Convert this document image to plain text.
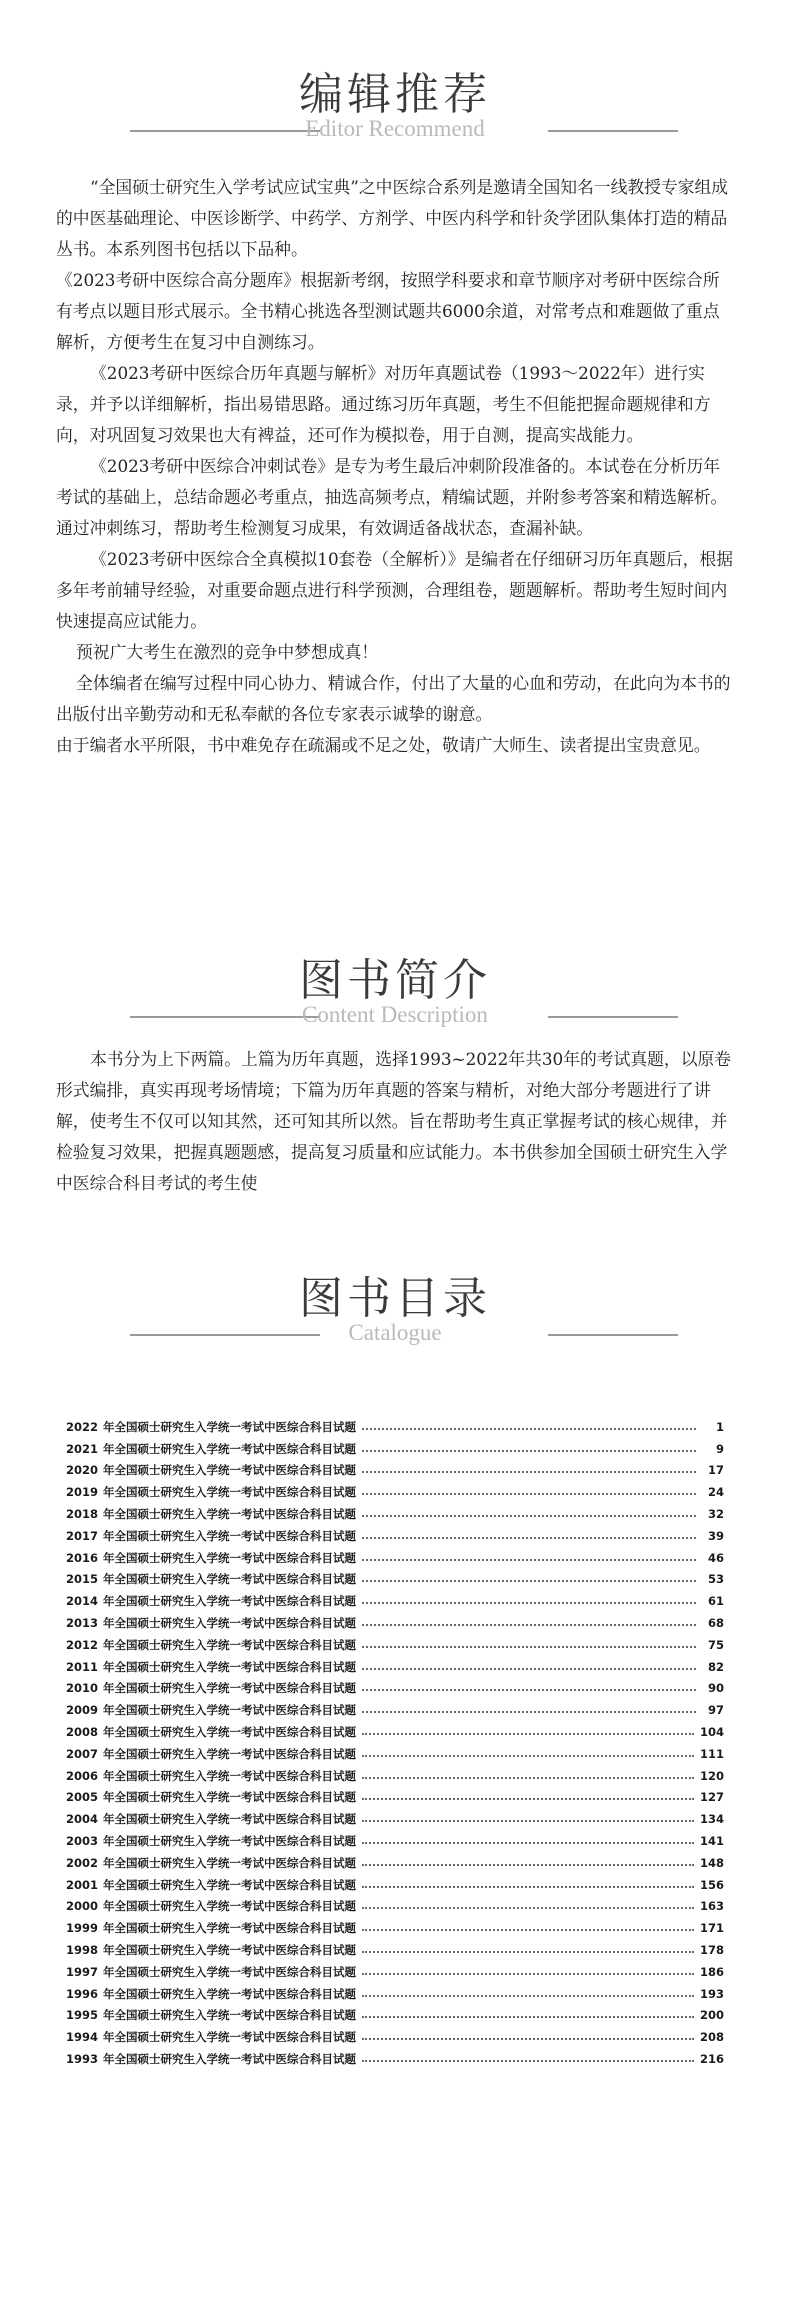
编辑推荐
Editor Recommend

“全国硕士研究生入学考试应试宝典”之中医综合系列是邀请全国知名一线教授专家组成的中医基础理论、中医诊断学、中药学、方剂学、中医内科学和针灸学团队集体打造的精品丛书。本系列图书包括以下品种。

《2023考研中医综合高分题库》根据新考纲，按照学科要求和章节顺序对考研中医综合所有考点以题目形式展示。全书精心挑选各型测试题共6000余道，对常考点和难题做了重点解析，方便考生在复习中自测练习。

《2023考研中医综合历年真题与解析》对历年真题试卷（1993～2022年）进行实录，并予以详细解析，指出易错思路。通过练习历年真题，考生不但能把握命题规律和方向，对巩固复习效果也大有裨益，还可作为模拟卷，用于自测，提高实战能力。

《2023考研中医综合冲刺试卷》是专为考生最后冲刺阶段准备的。本试卷在分析历年考试的基础上，总结命题必考重点，抽选高频考点，精编试题，并附参考答案和精选解析。通过冲刺练习，帮助考生检测复习成果，有效调适备战状态，查漏补缺。

《2023考研中医综合全真模拟10套卷（全解析）》是编者在仔细研习历年真题后，根据多年考前辅导经验，对重要命题点进行科学预测，合理组卷，题题解析。帮助考生短时间内快速提高应试能力。

预祝广大考生在激烈的竞争中梦想成真！

全体编者在编写过程中同心协力、精诚合作，付出了大量的心血和劳动，在此向为本书的出版付出辛勤劳动和无私奉献的各位专家表示诚挚的谢意。

由于编者水平所限，书中难免存在疏漏或不足之处，敬请广大师生、读者提出宝贵意见。

图书简介
Content Description

本书分为上下两篇。上篇为历年真题，选择1993~2022年共30年的考试真题，以原卷形式编排，真实再现考场情境；下篇为历年真题的答案与精析，对绝大部分考题进行了讲解，使考生不仅可以知其然，还可知其所以然。旨在帮助考生真正掌握考试的核心规律，并检验复习效果，把握真题题感，提高复习质量和应试能力。本书供参加全国硕士研究生入学中医综合科目考试的考生使

图书目录
Catalogue
2022 年全国硕士研究生入学统一考试中医综合科目试题	1
2021 年全国硕士研究生入学统一考试中医综合科目试题	9
2020 年全国硕士研究生入学统一考试中医综合科目试题	17
2019 年全国硕士研究生入学统一考试中医综合科目试题	24
2018 年全国硕士研究生入学统一考试中医综合科目试题	32
2017 年全国硕士研究生入学统一考试中医综合科目试题	39
2016 年全国硕士研究生入学统一考试中医综合科目试题	46
2015 年全国硕士研究生入学统一考试中医综合科目试题	53
2014 年全国硕士研究生入学统一考试中医综合科目试题	61
2013 年全国硕士研究生入学统一考试中医综合科目试题	68
2012 年全国硕士研究生入学统一考试中医综合科目试题	75
2011 年全国硕士研究生入学统一考试中医综合科目试题	82
2010 年全国硕士研究生入学统一考试中医综合科目试题	90
2009 年全国硕士研究生入学统一考试中医综合科目试题	97
2008 年全国硕士研究生入学统一考试中医综合科目试题	104
2007 年全国硕士研究生入学统一考试中医综合科目试题	111
2006 年全国硕士研究生入学统一考试中医综合科目试题	120
2005 年全国硕士研究生入学统一考试中医综合科目试题	127
2004 年全国硕士研究生入学统一考试中医综合科目试题	134
2003 年全国硕士研究生入学统一考试中医综合科目试题	141
2002 年全国硕士研究生入学统一考试中医综合科目试题	148
2001 年全国硕士研究生入学统一考试中医综合科目试题	156
2000 年全国硕士研究生入学统一考试中医综合科目试题	163
1999 年全国硕士研究生入学统一考试中医综合科目试题	171
1998 年全国硕士研究生入学统一考试中医综合科目试题	178
1997 年全国硕士研究生入学统一考试中医综合科目试题	186
1996 年全国硕士研究生入学统一考试中医综合科目试题	193
1995 年全国硕士研究生入学统一考试中医综合科目试题	200
1994 年全国硕士研究生入学统一考试中医综合科目试题	208
1993 年全国硕士研究生入学统一考试中医综合科目试题	216
